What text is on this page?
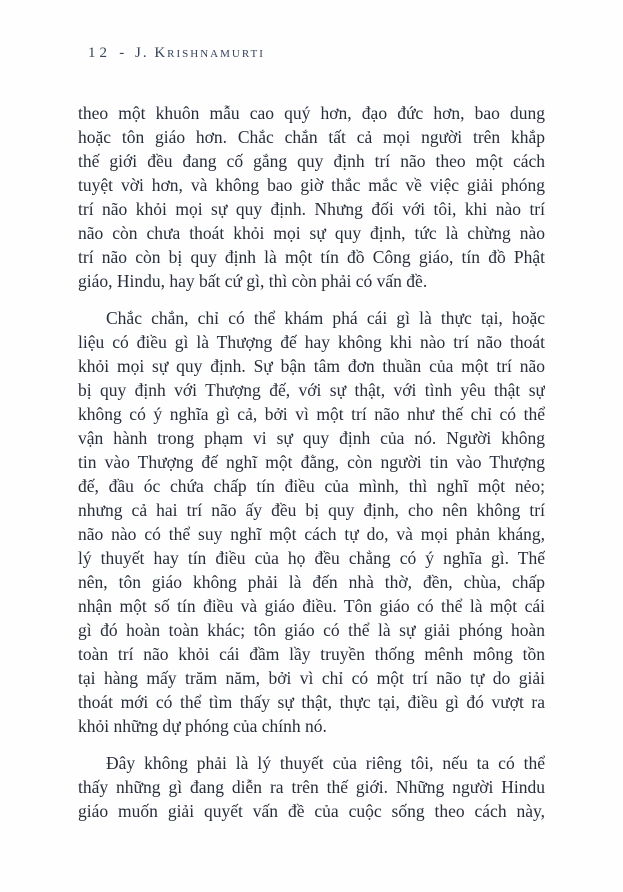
12 - J. Krishnamurti
theo một khuôn mẫu cao quý hơn, đạo đức hơn, bao dung
hoặc tôn giáo hơn. Chắc chắn tất cả mọi người trên khắp
thế giới đều đang cố gắng quy định trí não theo một cách
tuyệt vời hơn, và không bao giờ thắc mắc về việc giải phóng
trí não khỏi mọi sự quy định. Nhưng đối với tôi, khi nào trí
não còn chưa thoát khỏi mọi sự quy định, tức là chừng nào
trí não còn bị quy định là một tín đồ Công giáo, tín đồ Phật
giáo, Hindu, hay bất cứ gì, thì còn phải có vấn đề.
Chắc chắn, chỉ có thể khám phá cái gì là thực tại, hoặc
liệu có điều gì là Thượng đế hay không khi nào trí não thoát
khỏi mọi sự quy định. Sự bận tâm đơn thuần của một trí não
bị quy định với Thượng đế, với sự thật, với tình yêu thật sự
không có ý nghĩa gì cả, bởi vì một trí não như thế chỉ có thể
vận hành trong phạm vi sự quy định của nó. Người không
tin vào Thượng đế nghĩ một đằng, còn người tin vào Thượng
đế, đầu óc chứa chấp tín điều của mình, thì nghĩ một nẻo;
nhưng cả hai trí não ấy đều bị quy định, cho nên không trí
não nào có thể suy nghĩ một cách tự do, và mọi phản kháng,
lý thuyết hay tín điều của họ đều chẳng có ý nghĩa gì. Thế
nên, tôn giáo không phải là đến nhà thờ, đền, chùa, chấp
nhận một số tín điều và giáo điều. Tôn giáo có thể là một cái
gì đó hoàn toàn khác; tôn giáo có thể là sự giải phóng hoàn
toàn trí não khỏi cái đầm lầy truyền thống mênh mông tồn
tại hàng mấy trăm năm, bởi vì chỉ có một trí não tự do giải
thoát mới có thể tìm thấy sự thật, thực tại, điều gì đó vượt ra
khỏi những dự phóng của chính nó.
Đây không phải là lý thuyết của riêng tôi, nếu ta có thể
thấy những gì đang diễn ra trên thế giới. Những người Hindu
giáo muốn giải quyết vấn đề của cuộc sống theo cách này,
